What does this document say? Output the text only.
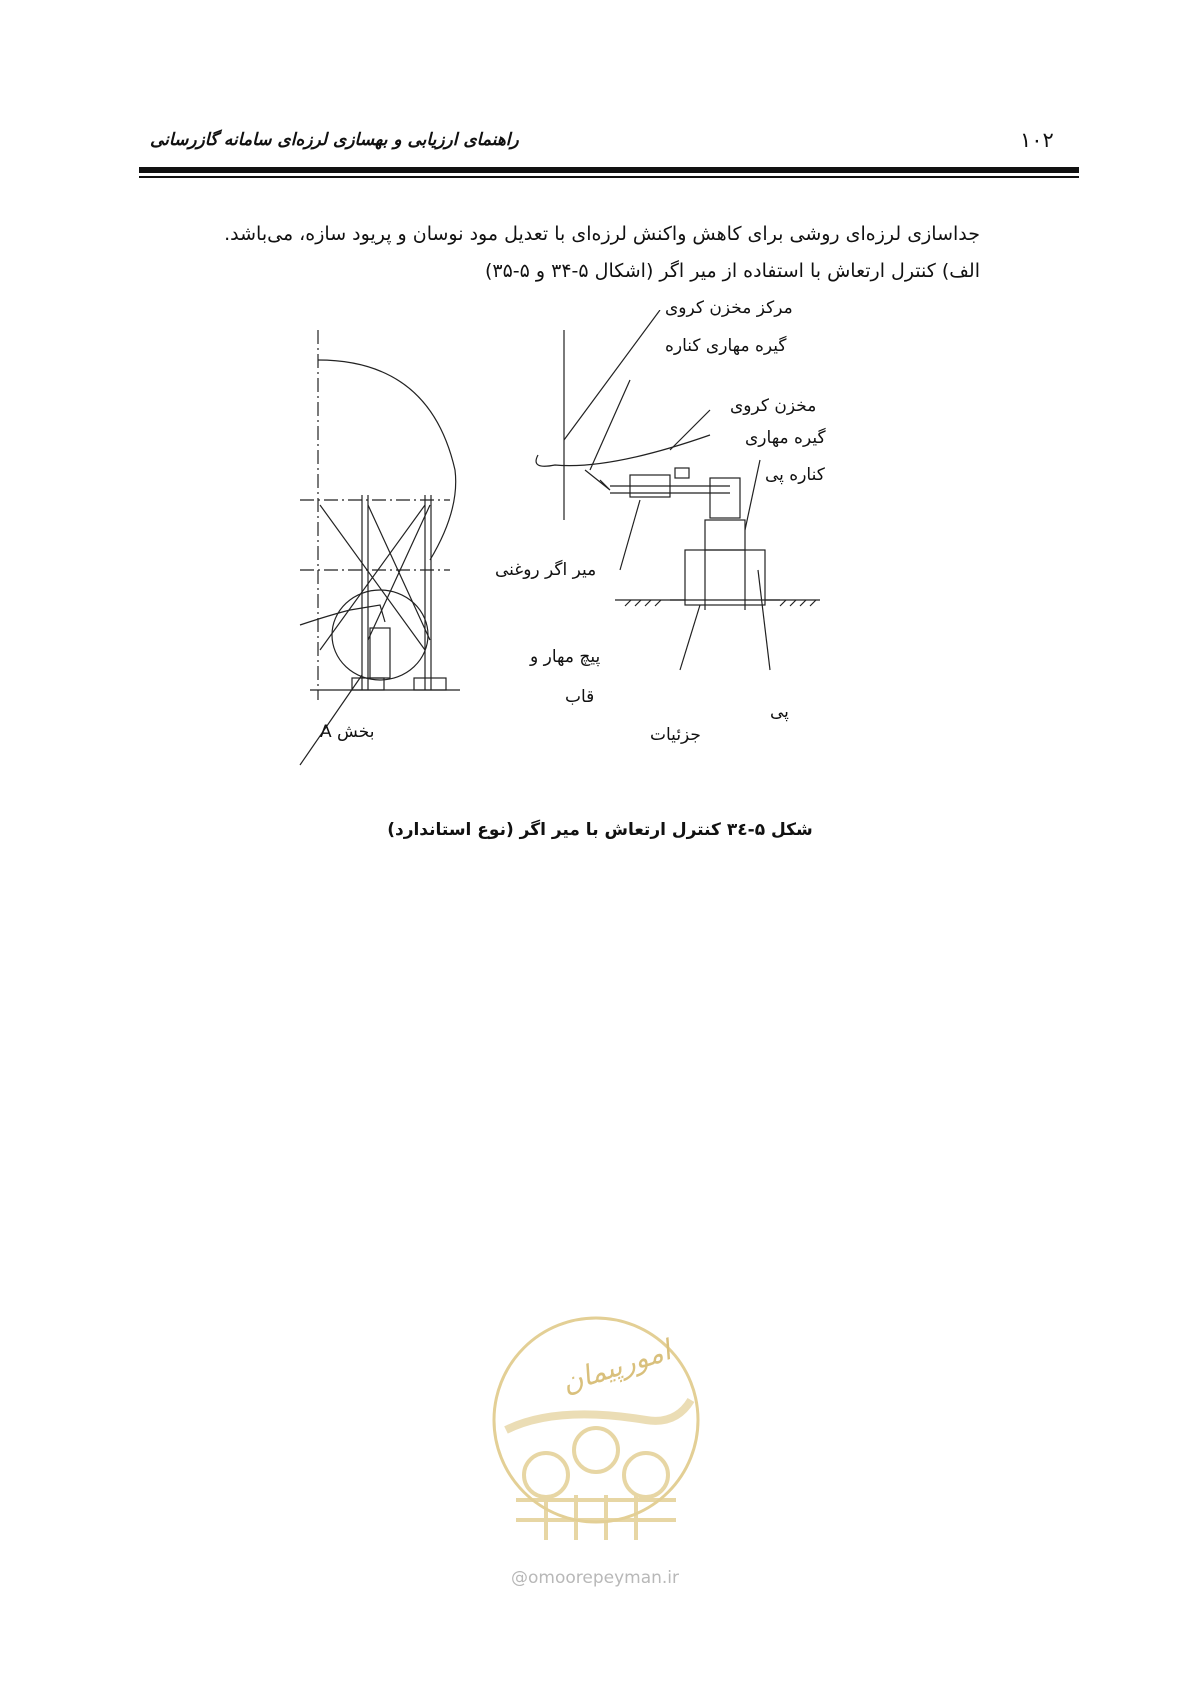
۱۰۲
راهنمای ارزیابی و بهسازی لرزه‌ای سامانه گازرسانی
جداسازی لرزه‌ای روشی برای کاهش واکنش لرزه‌ای با تعدیل مود نوسان و پریود سازه، می‌باشد.
الف) کنترل ارتعاش با استفاده از میر اگر (اشکال ۵-۳۴ و ۵-۳۵)
مرکز مخزن کروی
گیره مهاری کناره
مخزن کروی
گیره مهاری
کناره پی
میر اگر روغنی
پیچ مهار و
قاب
پی
بخش A	جزئیات
شکل ۵-۳٤ کنترل ارتعاش با میر اگر (نوع استاندارد)
امورپیمان
@omoorepeyman.ir
